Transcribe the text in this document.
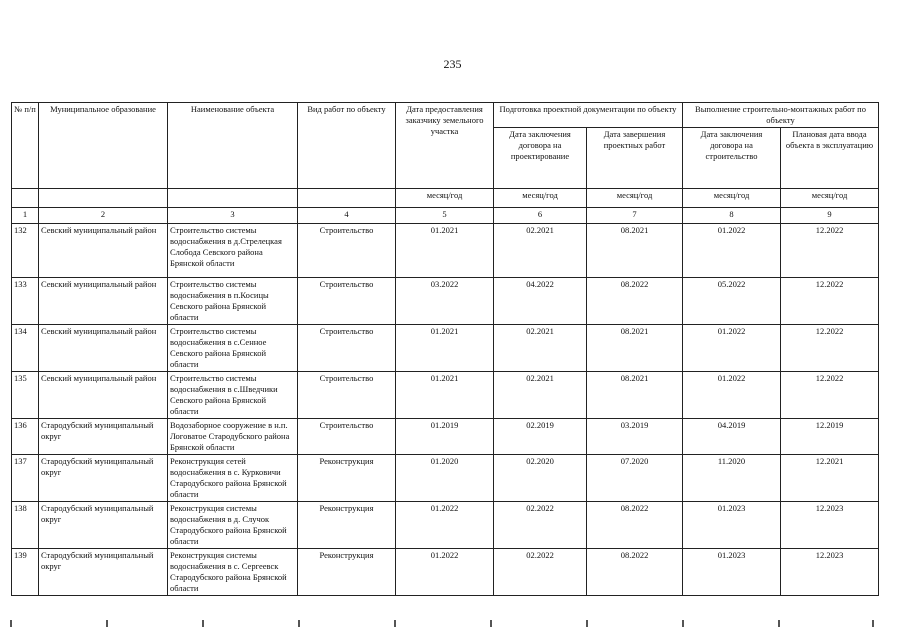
235
№ п/п	Муниципальное образование	Наименование объекта	Вид работ по объекту	Дата предоставления заказчику земельного участка	Подготовка проектной документации по объекту		Выполнение строительно-монтажных работ по объекту	
					Дата заключения договора на проектирование	Дата завершения проектных работ	Дата заключения договора на строительство	Плановая дата ввода объекта в эксплуатацию
				месяц/год	месяц/год	месяц/год	месяц/год	месяц/год
1	2	3	4	5	6	7	8	9
132	Севский муниципальный район	Строительство системы водоснабжения в д.Стрелецкая Слобода Севского района Брянской области	Строительство	01.2021	02.2021	08.2021	01.2022	12.2022
133	Севский муниципальный район	Строительство системы водоснабжения в п.Косицы Севского района Брянской области	Строительство	03.2022	04.2022	08.2022	05.2022	12.2022
134	Севский муниципальный район	Строительство системы водоснабжения в с.Сенное Севского района Брянской области	Строительство	01.2021	02.2021	08.2021	01.2022	12.2022
135	Севский муниципальный район	Строительство системы водоснабжения в с.Шведчики Севского района Брянской области	Строительство	01.2021	02.2021	08.2021	01.2022	12.2022
136	Стародубский муниципальный округ	Водозаборное сооружение в н.п. Логоватое Стародубского района Брянской области	Строительство	01.2019	02.2019	03.2019	04.2019	12.2019
137	Стародубский муниципальный округ	Реконструкция сетей водоснабжения в с. Курковичи Стародубского района Брянской области	Реконструкция	01.2020	02.2020	07.2020	11.2020	12.2021
138	Стародубский муниципальный округ	Реконструкция системы водоснабжения в д. Случок Стародубского района Брянской области	Реконструкция	01.2022	02.2022	08.2022	01.2023	12.2023
139	Стародубский муниципальный округ	Реконструкция системы водоснабжения в с. Сергеевск Стародубского района Брянской области	Реконструкция	01.2022	02.2022	08.2022	01.2023	12.2023
